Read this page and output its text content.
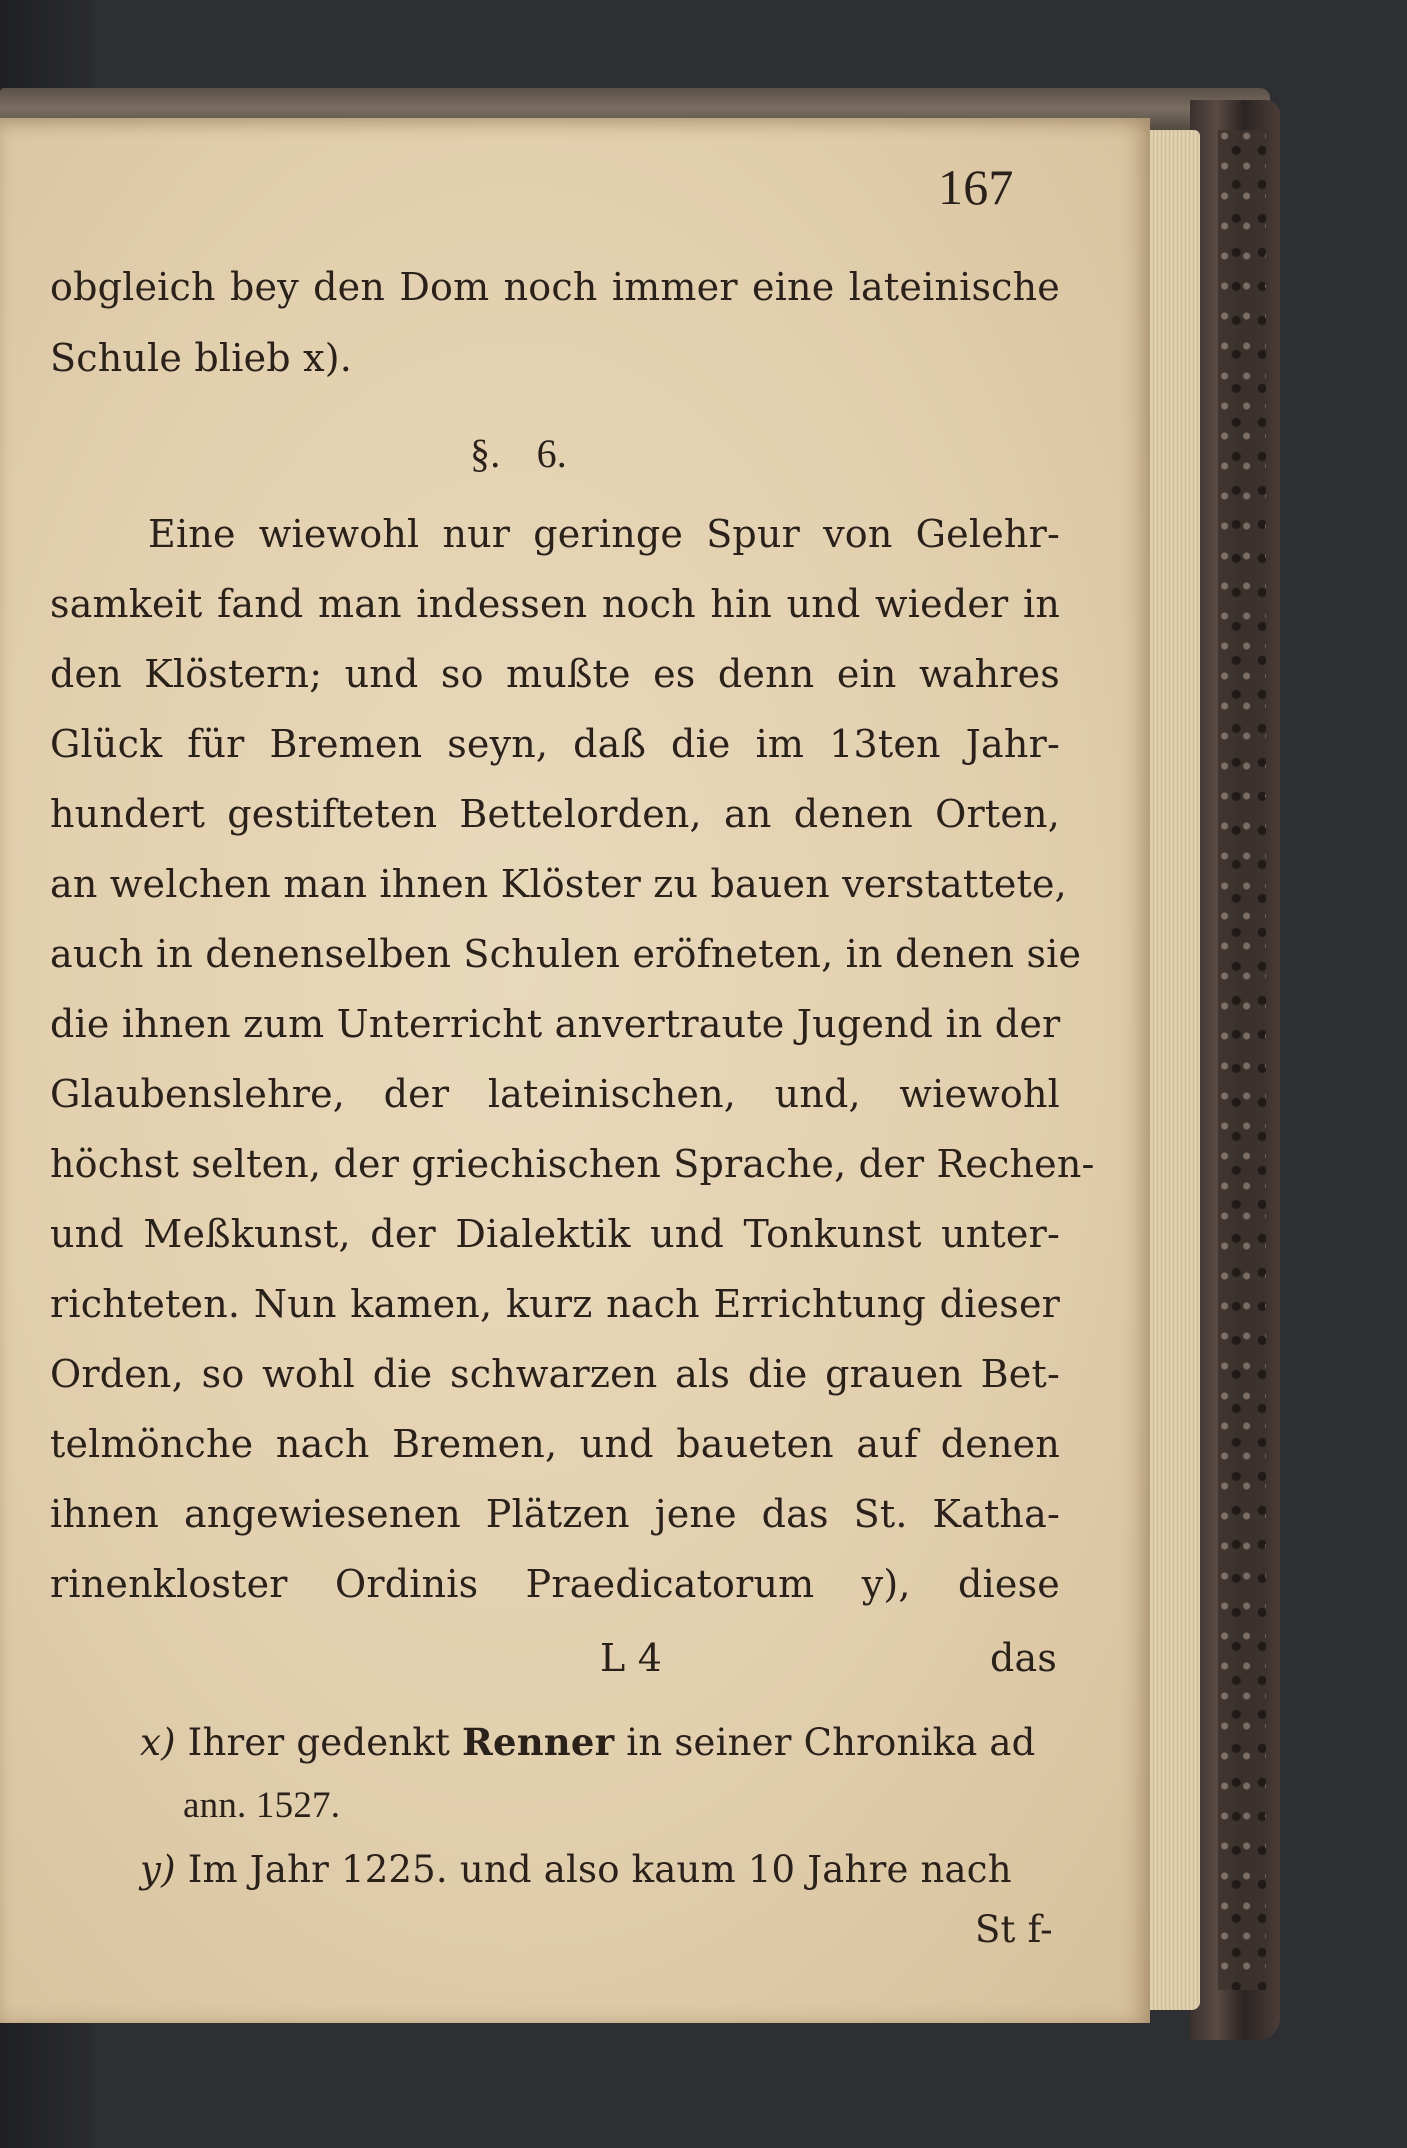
167
obgleich bey den Dom noch immer eine lateinische
Schule blieb x).
§. 6.
Eine wiewohl nur geringe Spur von Gelehr-
samkeit fand man indessen noch hin und wieder in
den Klöstern; und so mußte es denn ein wahres
Glück für Bremen seyn, daß die im 13ten Jahr-
hundert gestifteten Bettelorden, an denen Orten,
an welchen man ihnen Klöster zu bauen verstattete,
auch in denenselben Schulen eröfneten, in denen sie
die ihnen zum Unterricht anvertraute Jugend in der
Glaubenslehre, der lateinischen, und, wiewohl
höchst selten, der griechischen Sprache, der Rechen-
und Meßkunst, der Dialektik und Tonkunst unter-
richteten. Nun kamen, kurz nach Errichtung dieser
Orden, so wohl die schwarzen als die grauen Bet-
telmönche nach Bremen, und baueten auf denen
ihnen angewiesenen Plätzen jene das St. Katha-
rinenkloster Ordinis Praedicatorum y), diese
L 4	das
x) Ihrer gedenkt Renner in seiner Chronika ad
ann. 1527.
y) Im Jahr 1225. und also kaum 10 Jahre nach
St f-
